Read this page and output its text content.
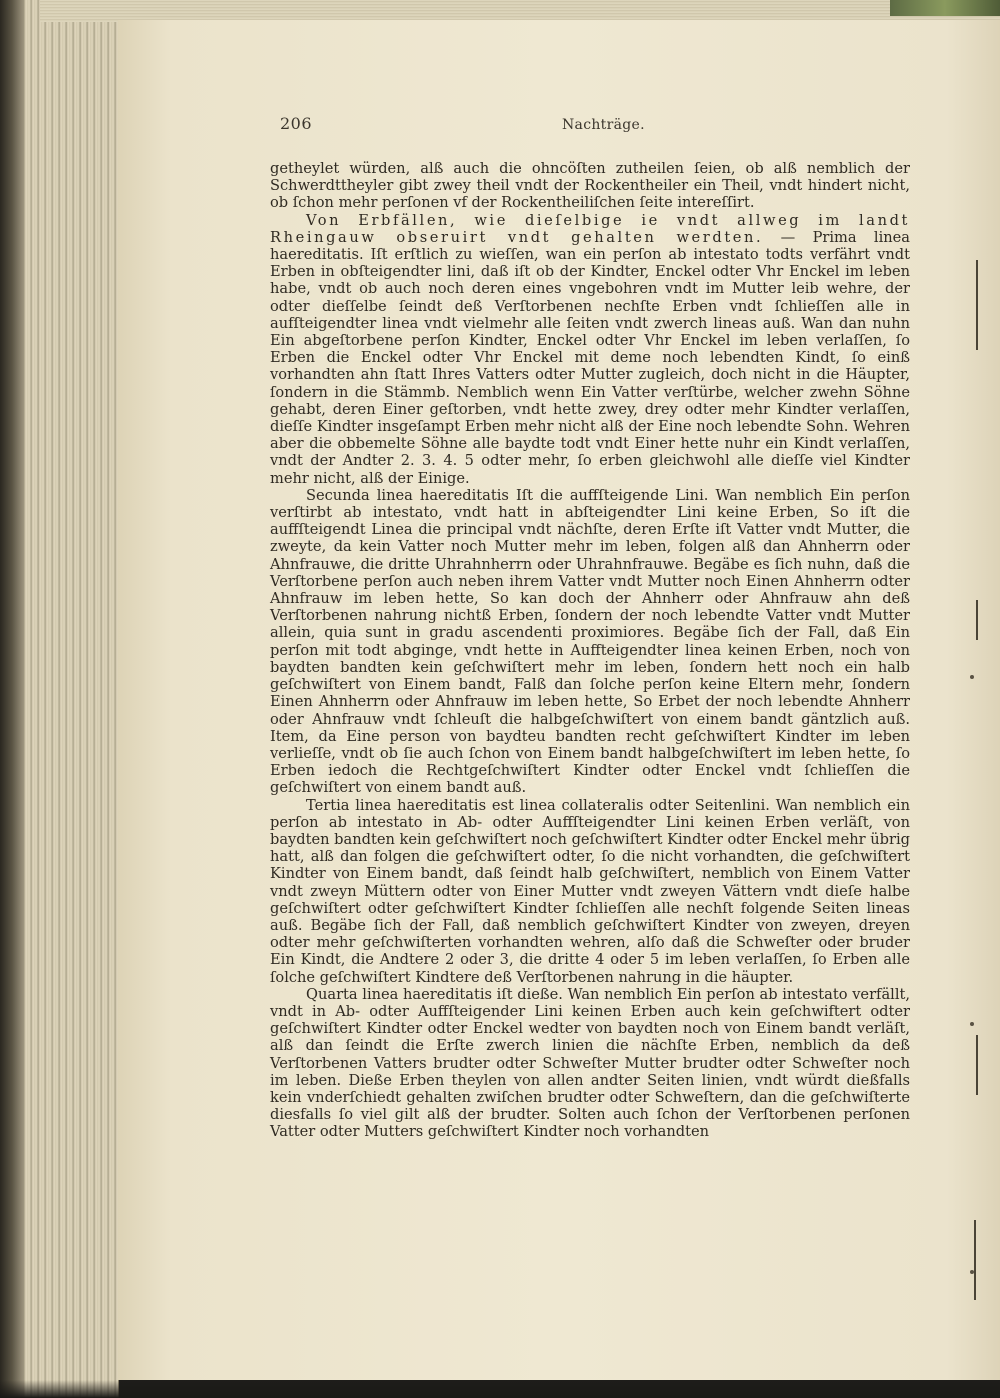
206	Nachträge.

getheylet würden, alß auch die ohncöſten zutheilen ſeien, ob alß nemblich der Schwerdttheyler gibt zwey theil vndt der Rockentheiler ein Theil, vndt hindert nicht, ob ſchon mehr perſonen vf der Rockentheiliſchen ſeite intereſſirt.

Von Erbfällen, wie dieſelbige ie vndt allweg im landt Rheingauw obseruirt vndt gehalten werdten. — Prima linea haereditatis. Iſt erſtlich zu wieſſen, wan ein perſon ab intestato todts verfährt vndt Erben in obſteigendter lini, daß iſt ob der Kindter, Enckel odter Vhr Enckel im leben habe, vndt ob auch noch deren eines vngebohren vndt im Mutter leib wehre, der odter dieſſelbe ſeindt deß Verſtorbenen nechſte Erben vndt ſchlieſſen alle in aufſteigendter linea vndt vielmehr alle ſeiten vndt zwerch lineas auß. Wan dan nuhn Ein abgeſtorbene perſon Kindter, Enckel odter Vhr Enckel im leben verlaſſen, ſo Erben die Enckel odter Vhr Enckel mit deme noch lebendten Kindt, ſo einß vorhandten ahn ſtatt Ihres Vatters odter Mutter zugleich, doch nicht in die Häupter, ſondern in die Stämmb. Nemblich wenn Ein Vatter verſtürbe, welcher zwehn Söhne gehabt, deren Einer geſtorben, vndt hette zwey, drey odter mehr Kindter verlaſſen, dieſſe Kindter insgeſampt Erben mehr nicht alß der Eine noch lebendte Sohn. Wehren aber die obbemelte Söhne alle baydte todt vndt Einer hette nuhr ein Kindt verlaſſen, vndt der Andter 2. 3. 4. 5 odter mehr, ſo erben gleichwohl alle dieſſe viel Kindter mehr nicht, alß der Einige.

Secunda linea haereditatis Iſt die auffſteigende Lini. Wan nemblich Ein perſon verſtirbt ab intestato, vndt hatt in abſteigendter Lini keine Erben, So iſt die auffſteigendt Linea die principal vndt nächſte, deren Erſte iſt Vatter vndt Mutter, die zweyte, da kein Vatter noch Mutter mehr im leben, folgen alß dan Ahnherrn oder Ahnfrauwe, die dritte Uhrahnherrn oder Uhrahnfrauwe. Begäbe es ſich nuhn, daß die Verſtorbene perſon auch neben ihrem Vatter vndt Mutter noch Einen Ahnherrn odter Ahnfrauw im leben hette, So kan doch der Ahnherr oder Ahnfrauw ahn deß Verſtorbenen nahrung nichtß Erben, ſondern der noch lebendte Vatter vndt Mutter allein, quia sunt in gradu ascendenti proximiores. Begäbe ſich der Fall, daß Ein perſon mit todt abginge, vndt hette in Auffteigendter linea keinen Erben, noch von baydten bandten kein geſchwiſtert mehr im leben, ſondern hett noch ein halb geſchwiſtert von Einem bandt, Falß dan ſolche perſon keine Eltern mehr, ſondern Einen Ahnherrn oder Ahnfrauw im leben hette, So Erbet der noch lebendte Ahnherr oder Ahnfrauw vndt ſchleuſt die halbgeſchwiſtert von einem bandt gäntzlich auß. Item, da Eine person von baydteu bandten recht geſchwiſtert Kindter im leben verlieſſe, vndt ob ſie auch ſchon von Einem bandt halbgeſchwiſtert im leben hette, ſo Erben iedoch die Rechtgeſchwiſtert Kindter odter Enckel vndt ſchlieſſen die geſchwiſtert von einem bandt auß.

Tertia linea haereditatis est linea collateralis odter Seitenlini. Wan nemblich ein perſon ab intestato in Ab- odter Auffſteigendter Lini keinen Erben verläſt, von baydten bandten kein geſchwiſtert noch geſchwiſtert Kindter odter Enckel mehr übrig hatt, alß dan folgen die geſchwiſtert odter, ſo die nicht vorhandten, die geſchwiſtert Kindter von Einem bandt, daß ſeindt halb geſchwiſtert, nemblich von Einem Vatter vndt zweyn Müttern odter von Einer Mutter vndt zweyen Vättern vndt dieſe halbe geſchwiſtert odter geſchwiſtert Kindter ſchlieſſen alle nechſt folgende Seiten lineas auß. Begäbe ſich der Fall, daß nemblich geſchwiſtert Kindter von zweyen, dreyen odter mehr geſchwiſterten vorhandten wehren, alſo daß die Schweſter oder bruder Ein Kindt, die Andtere 2 oder 3, die dritte 4 oder 5 im leben verlaſſen, ſo Erben alle ſolche geſchwiſtert Kindtere deß Verſtorbenen nahrung in die häupter.

Quarta linea haereditatis iſt dieße. Wan nemblich Ein perſon ab intestato verfällt, vndt in Ab- odter Auffſteigender Lini keinen Erben auch kein geſchwiftert odter geſchwiſtert Kindter odter Enckel wedter von baydten noch von Einem bandt verläſt, alß dan ſeindt die Erſte zwerch linien die nächſte Erben, nemblich da deß Verſtorbenen Vatters brudter odter Schweſter Mutter brudter odter Schweſter noch im leben. Dieße Erben theylen von allen andter Seiten linien, vndt würdt dießfalls kein vnderſchiedt gehalten zwiſchen brudter odter Schweſtern, dan die geſchwiſterte diesfalls ſo viel gilt alß der brudter. Solten auch ſchon der Verſtorbenen perſonen Vatter odter Mutters geſchwiſtert Kindter noch vorhandten
